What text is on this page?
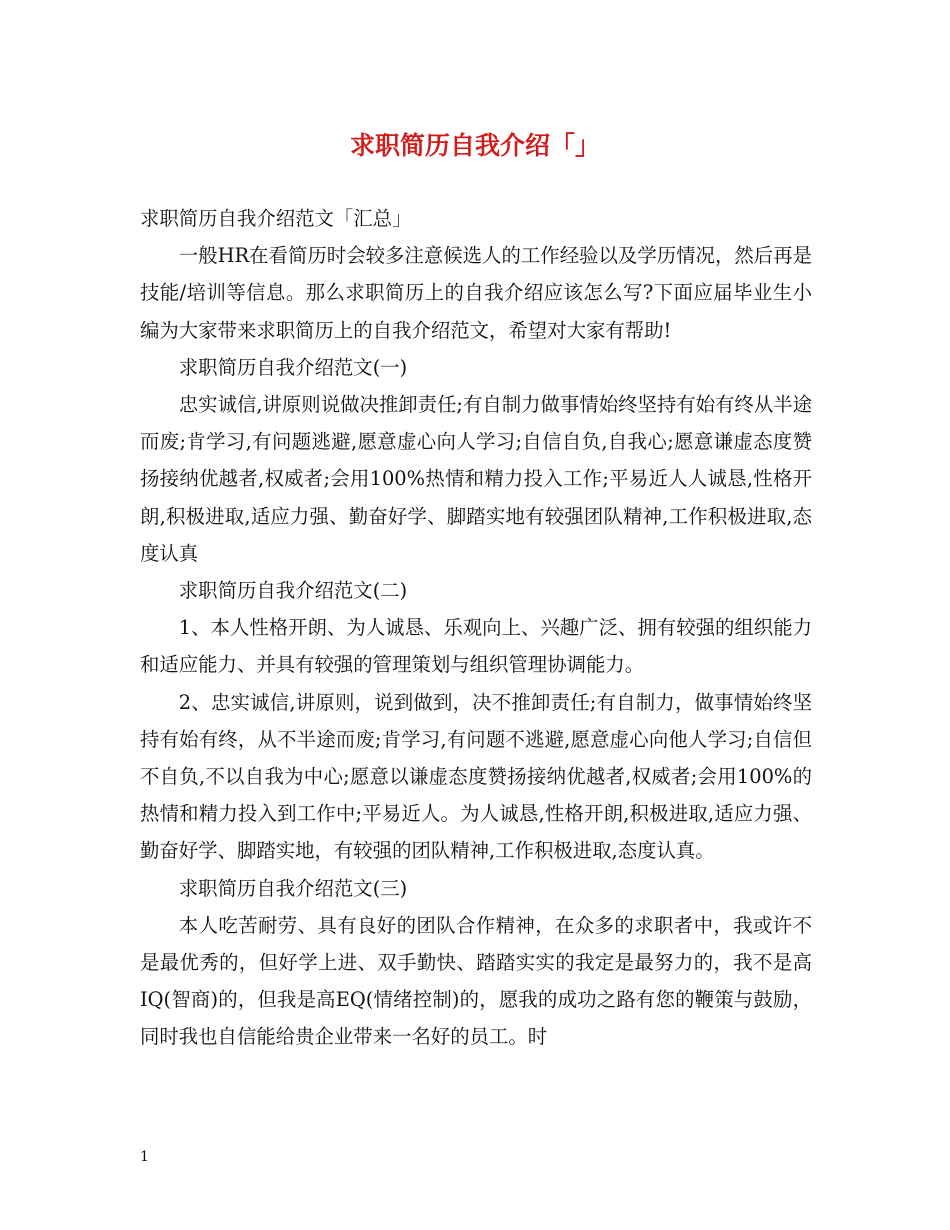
求职简历自我介绍「」

求职简历自我介绍范文「汇总」

一般HR在看简历时会较多注意候选人的工作经验以及学历情况，然后再是技能/培训等信息。那么求职简历上的自我介绍应该怎么写?下面应届毕业生小编为大家带来求职简历上的自我介绍范文，希望对大家有帮助!

求职简历自我介绍范文(一)

忠实诚信,讲原则说做决推卸责任;有自制力做事情始终坚持有始有终从半途而废;肯学习,有问题逃避,愿意虚心向人学习;自信自负,自我心;愿意谦虚态度赞扬接纳优越者,权威者;会用100%热情和精力投入工作;平易近人人诚恳,性格开朗,积极进取,适应力强、勤奋好学、脚踏实地有较强团队精神,工作积极进取,态度认真

求职简历自我介绍范文(二)

1、本人性格开朗、为人诚恳、乐观向上、兴趣广泛、拥有较强的组织能力和适应能力、并具有较强的管理策划与组织管理协调能力。

2、忠实诚信,讲原则，说到做到，决不推卸责任;有自制力，做事情始终坚持有始有终，从不半途而废;肯学习,有问题不逃避,愿意虚心向他人学习;自信但不自负,不以自我为中心;愿意以谦虚态度赞扬接纳优越者,权威者;会用100%的热情和精力投入到工作中;平易近人。为人诚恳,性格开朗,积极进取,适应力强、勤奋好学、脚踏实地，有较强的团队精神,工作积极进取,态度认真。

求职简历自我介绍范文(三)

本人吃苦耐劳、具有良好的团队合作精神，在众多的求职者中，我或许不是最优秀的，但好学上进、双手勤快、踏踏实实的我定是最努力的，我不是高IQ(智商)的，但我是高EQ(情绪控制)的，愿我的成功之路有您的鞭策与鼓励，同时我也自信能给贵企业带来一名好的员工。时

1
